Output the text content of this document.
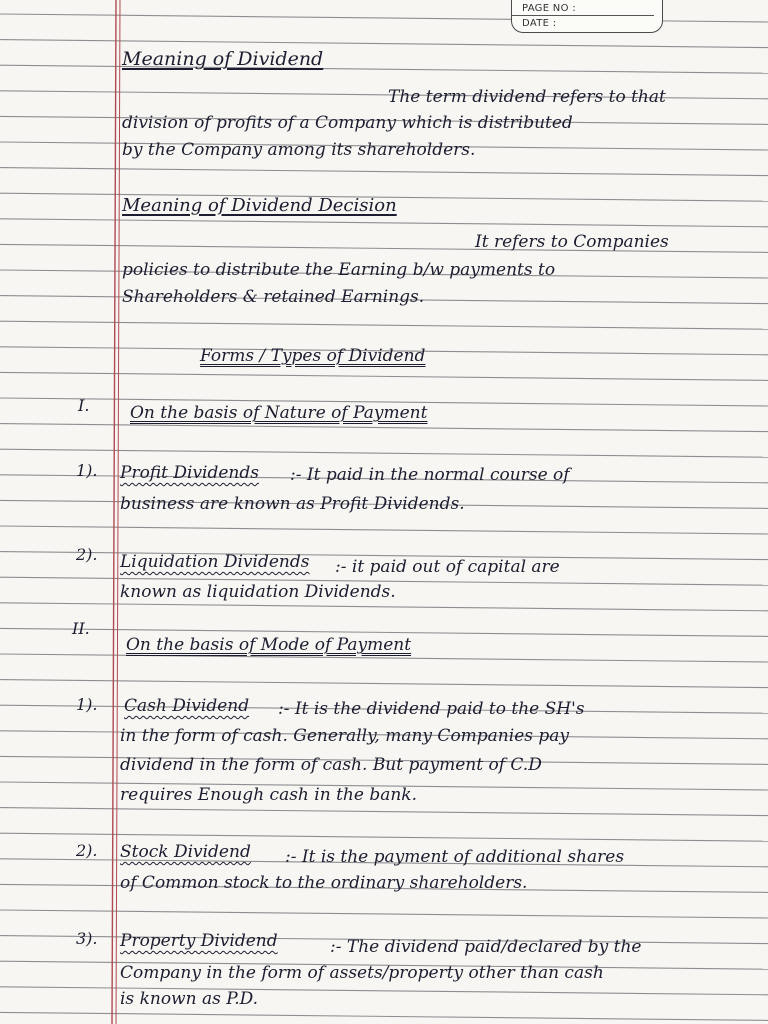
PAGE NO :
DATE :
Meaning of Dividend
The term dividend refers to that
division of profits of a Company which is distributed
by the Company among its shareholders.
Meaning of Dividend Decision
It refers to Companies
policies to distribute the Earning b/w payments to
Shareholders & retained Earnings.
Forms / Types of Dividend
I. On the basis of Nature of Payment
1). Profit Dividends :- It paid in the normal course of
business are known as Profit Dividends.
2). Liquidation Dividends :- it paid out of capital are
known as liquidation Dividends.
II.
On the basis of Mode of Payment
1). Cash Dividend :- It is the dividend paid to the SH's
in the form of cash. Generally, many Companies pay
dividend in the form of cash. But payment of C.D
requires Enough cash in the bank.
2). Stock Dividend :- It is the payment of additional shares
of Common stock to the ordinary shareholders.
3). Property Dividend	:- The dividend paid/declared by the
Company in the form of assets/property other than cash
is known as P.D.
